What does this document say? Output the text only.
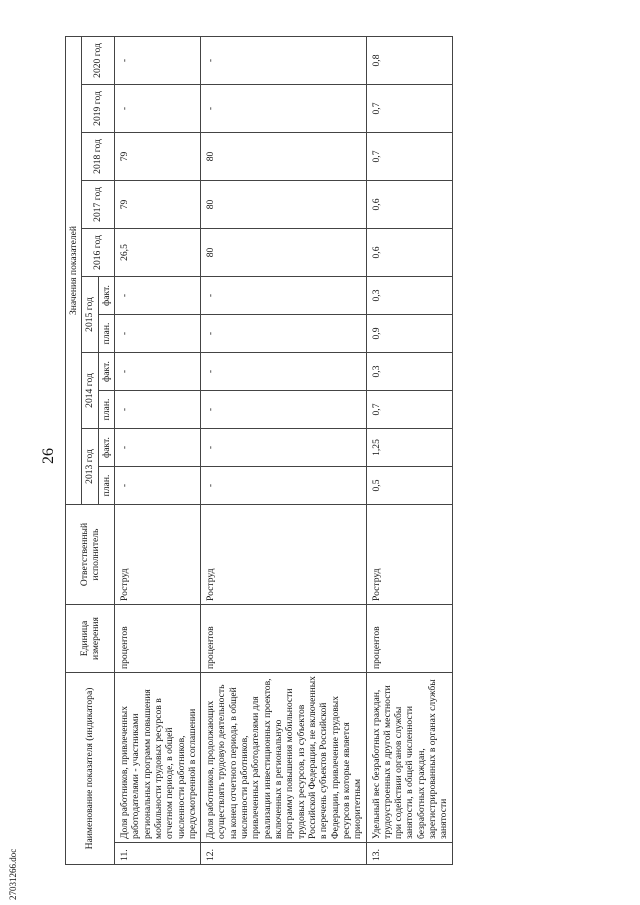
26
27031266.doc
Наименование показателя (индикатора)		Единица измерения	Ответственный исполнитель	Значения показателей										
				2013 год		2014 год		2015 год		2016 год	2017 год	2018 год	2019 год	2020 год
				план.	факт.	план.	факт.	план.	факт.					
11.	Доля работников, привлеченных работодателями - участниками региональных программ повышения мобильности трудовых ресурсов в отчетном периоде, в общей численности работников, предусмотренной в соглашении	процентов	Роструд	-	-	-	-	-	-	26,5	79	79	-	-
12.	Доля работников, продолжающих осуществлять трудовую деятельность на конец отчетного периода, в общей численности работников, привлеченных работодателями для реализации инвестиционных проектов, включенных в региональную программу повышения мобильности трудовых ресурсов, из субъектов Российской Федерации, не включенных в перечень субъектов Российской Федерации, привлечение трудовых ресурсов в которые является приоритетным	процентов	Роструд	-	-	-	-	-	-	80	80	80	-	-
13.	Удельный вес безработных граждан, трудоустроенных в другой местности при содействии органов службы занятости, в общей численности безработных граждан, зарегистрированных в органах службы занятости	процентов	Роструд	0,5	1,25	0,7	0,3	0,9	0,3	0,6	0,6	0,7	0,7	0,8
